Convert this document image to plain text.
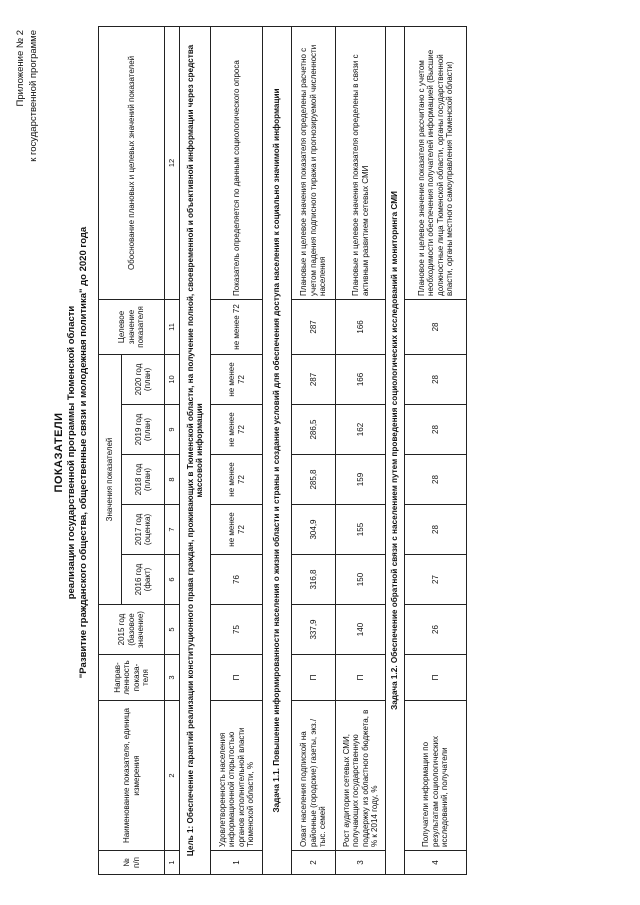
Приложение № 2 к государственной программе
ПОКАЗАТЕЛИ реализации государственной программы Тюменской области "Развитие гражданского общества, общественные связи и молодежная политика" до 2020 года
№ п/п	Наименование показателя, единица измерения	Направ-ленность показа-теля	2015 год (базовое значение)	Значения показателей					Целевое значение показателя	Обоснование плановых и целевых значений показателей
				2016 год (факт)	2017 год (оценка)	2018 год (план)	2019 год (план)	2020 год (план)		
1	2	3	5	6	7	8	9	10	11	12
Цель 1: Обеспечение гарантий реализации конституционного права граждан, проживающих в Тюменской области, на получение полной, своевременной и объективной информации через средства массовой информации										
1	Удовлетворенность населения информационной открытостью органов исполнительной власти Тюменской области, %	П	75	76	не менее 72	не менее 72	не менее 72	не менее 72	не менее 72	Показатель определяется по данным социологического опроса
Задача 1.1. Повышение информированности населения о жизни области и страны и создание условий для обеспечения доступа населения к социально значимой информации										
2	Охват населения подпиской на районные (городские) газеты, экз./тыс. семей	П	337,9	316,8	304,9	285,8	286,5	287	287	Плановые и целевое значения показателя определены расчетно с учетом падения подписного тиража и прогнозируемой численности населения
3	Рост аудитории сетевых СМИ, получающих государственную поддержку из областного бюджета, в % к 2014 году, %	П	140	150	155	159	162	166	166	Плановые и целевое значения показателя определены в связи с активным развитием сетевых СМИ
Задача 1.2. Обеспечение обратной связи с населением путем проведения социологических исследований и мониторинга СМИ										
4	Получатели информации по результатам социологических исследований, получатели	П	26	27	28	28	28	28	28	Плановое и целевое значение показателя рассчитано с учетом необходимости обеспечения получателей информацией (Высшие должностные лица Тюменской области, органы государственной власти, органы местного самоуправления Тюменской области)
